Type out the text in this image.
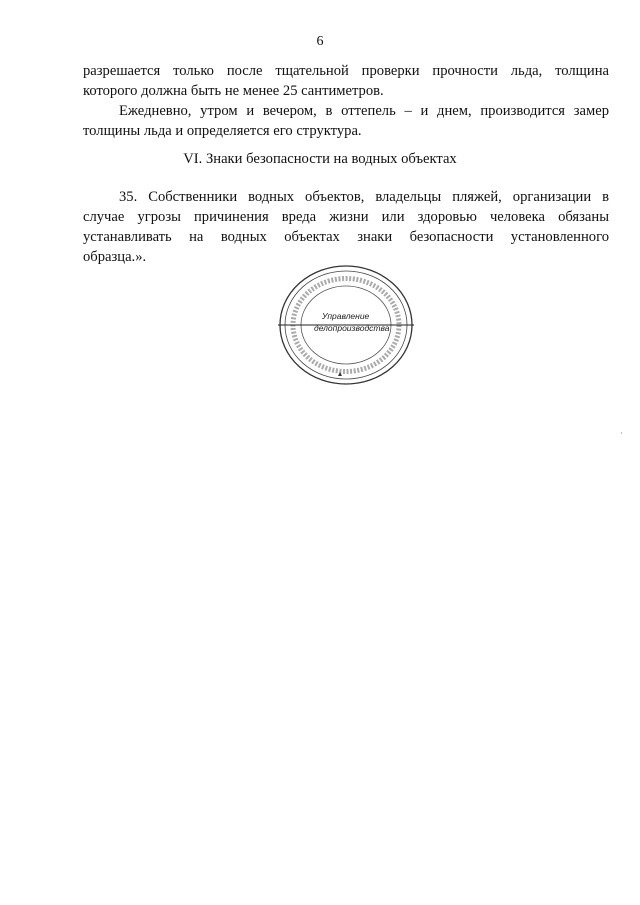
6
разрешается только после тщательной проверки прочности льда, толщина
которого должна быть не менее 25 сантиметров.
Ежедневно, утром и вечером, в оттепель – и днем, производится замер
толщины льда и определяется его структура.
VI. Знаки безопасности на водных объектах
35. Собственники водных объектов, владельцы пляжей, организации в
случае угрозы причинения вреда жизни или здоровью человека обязаны
устанавливать на водных объектах знаки безопасности установленного
образца.».
Управление
делопроизводства
